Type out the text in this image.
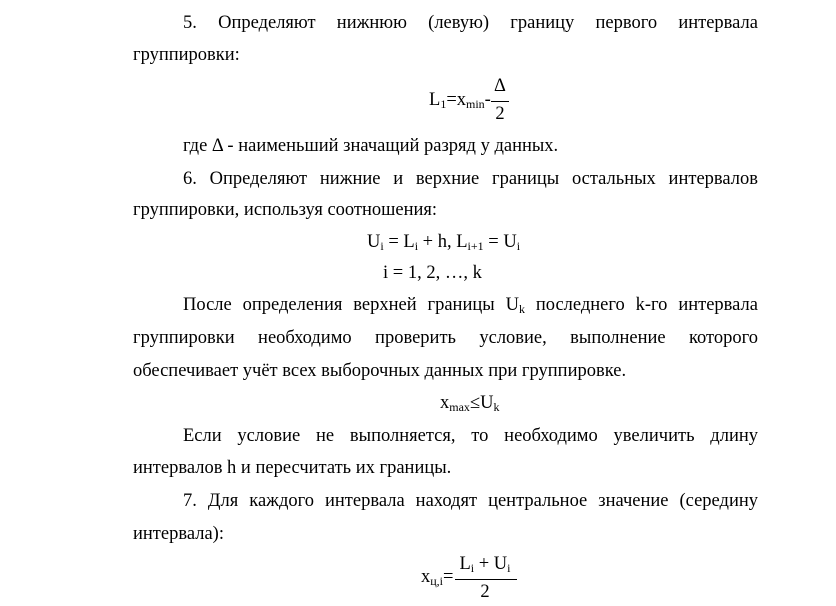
5. Определяют нижнюю (левую) границу первого интервала
группировки:
$L_1=x_{min}-$
Δ
2
где Δ - наименьший значащий разряд у данных.
6. Определяют нижние и верхние границы остальных интервалов
группировки, используя соотношения:
$U_i = L_i + h$, $L_{i+1} = U_i$
i = 1, 2, …, k
После определения верхней границы $U_k$ последнего k-го интервала
группировки необходимо проверить условие, выполнение которого
обеспечивает учёт всех выборочных данных при группировке.
$x_{max}\le U_k$
Если условие не выполняется, то необходимо увеличить длину
интервалов h и пересчитать их границы.
7. Для каждого интервала находят центральное значение (середину
интервала):
$x_{ц,i}=$
$L_i + U_i$
2
